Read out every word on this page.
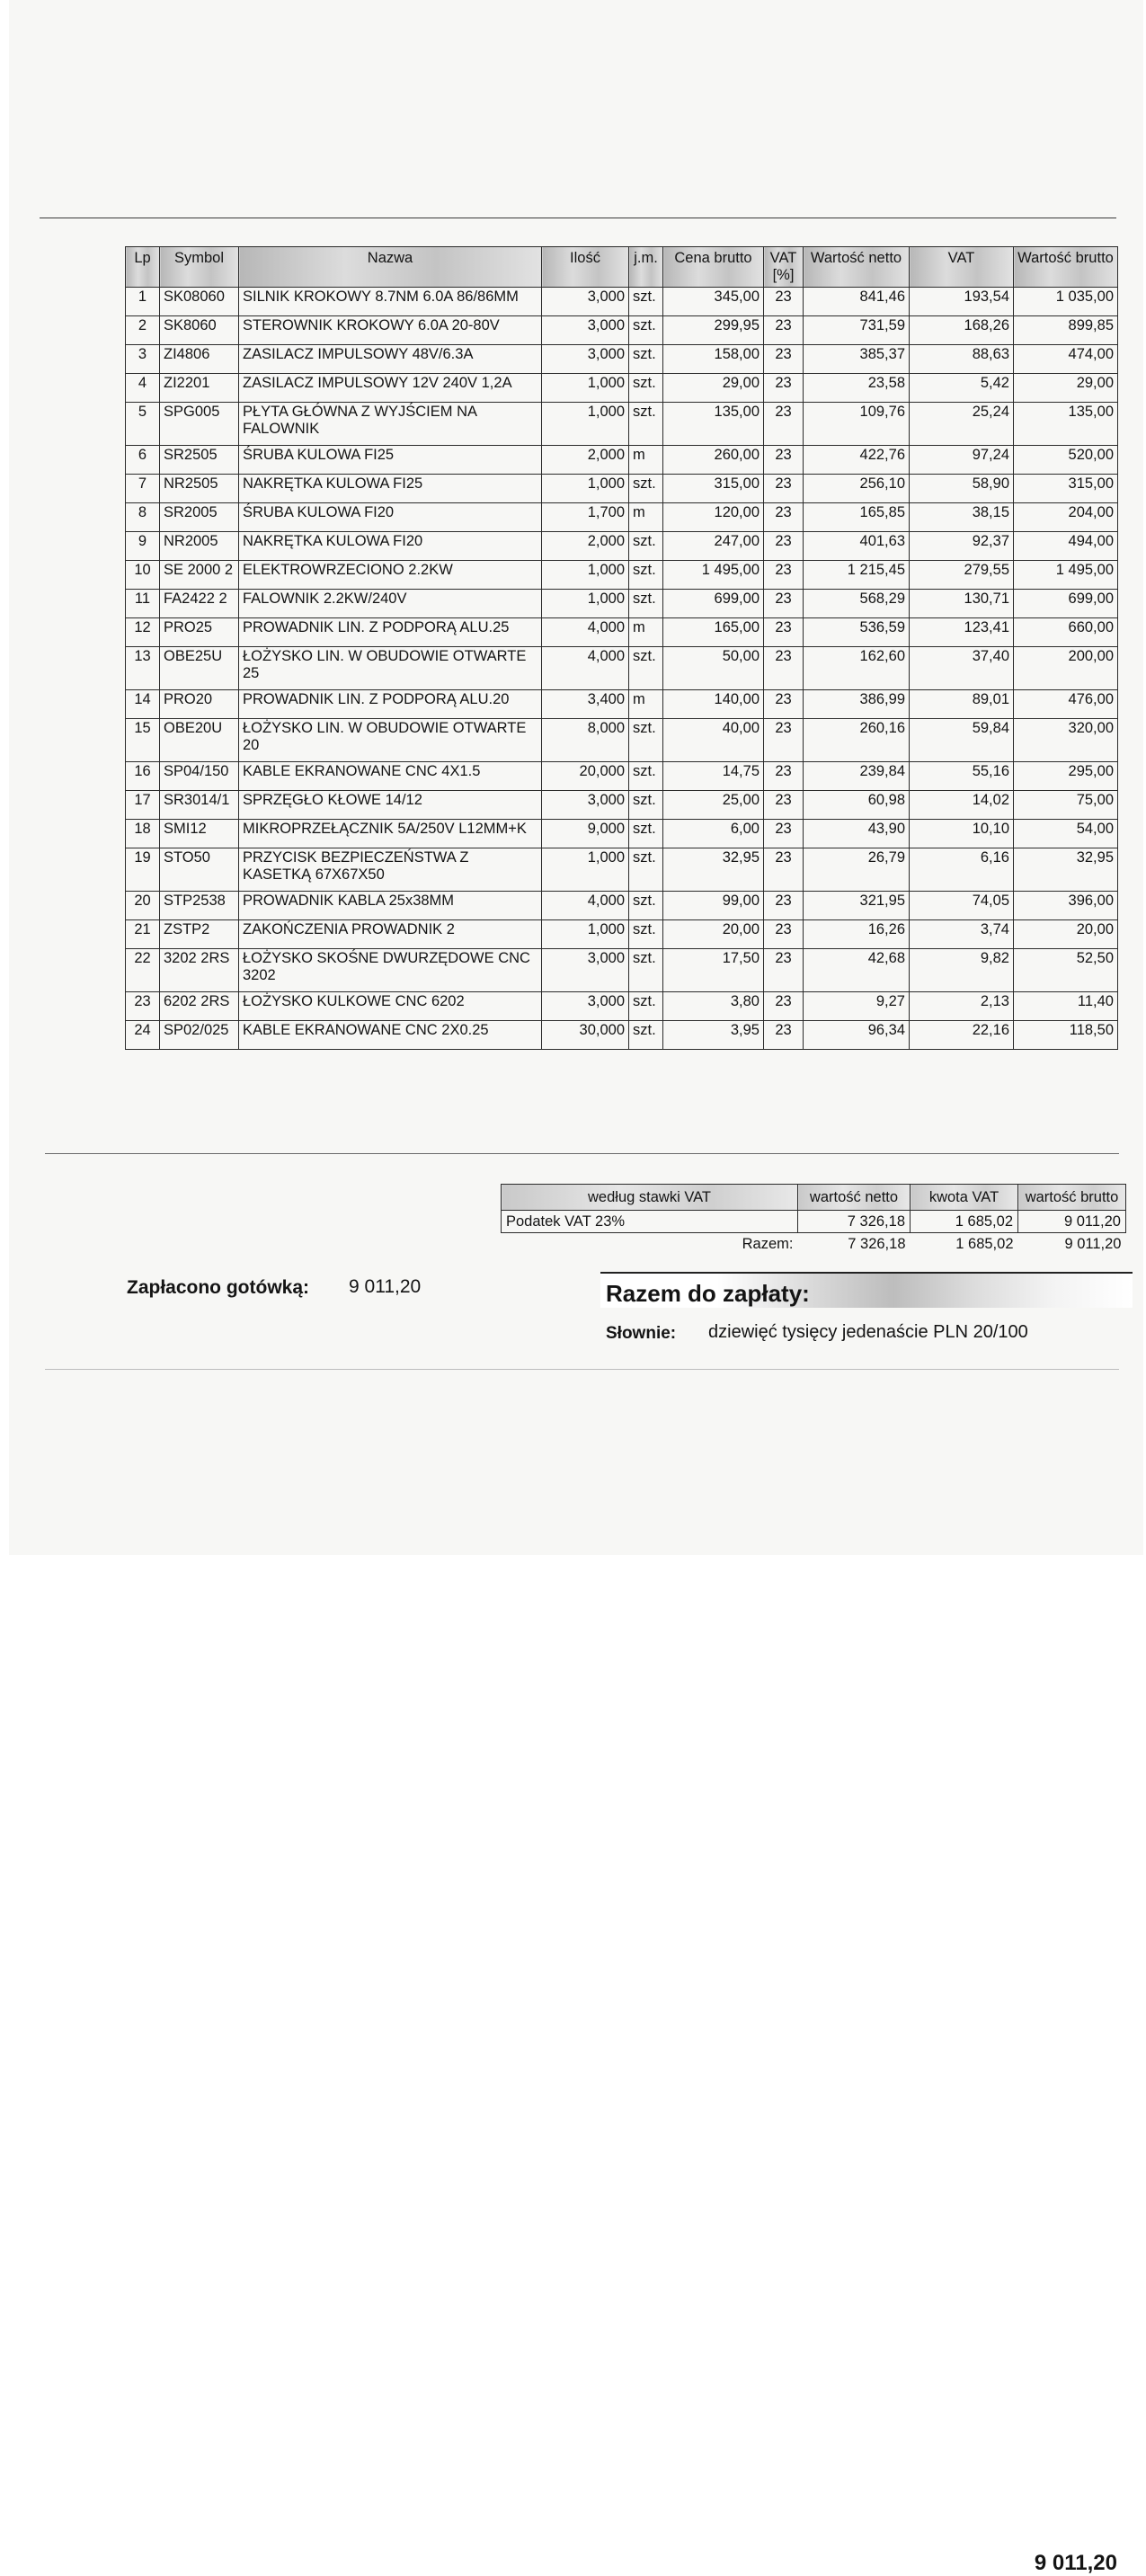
Lp	Symbol	Nazwa	Ilość	j.m.	Cena brutto	VAT [%]	Wartość netto	VAT	Wartość brutto
1	SK08060	SILNIK KROKOWY 8.7NM 6.0A 86/86MM	3,000	szt.	345,00	23	841,46	193,54	1 035,00
2	SK8060	STEROWNIK KROKOWY 6.0A 20-80V	3,000	szt.	299,95	23	731,59	168,26	899,85
3	ZI4806	ZASILACZ IMPULSOWY 48V/6.3A	3,000	szt.	158,00	23	385,37	88,63	474,00
4	ZI2201	ZASILACZ IMPULSOWY 12V 240V 1,2A	1,000	szt.	29,00	23	23,58	5,42	29,00
5	SPG005	PŁYTA GŁÓWNA Z WYJŚCIEM NA FALOWNIK	1,000	szt.	135,00	23	109,76	25,24	135,00
6	SR2505	ŚRUBA KULOWA FI25	2,000	m	260,00	23	422,76	97,24	520,00
7	NR2505	NAKRĘTKA KULOWA FI25	1,000	szt.	315,00	23	256,10	58,90	315,00
8	SR2005	ŚRUBA KULOWA FI20	1,700	m	120,00	23	165,85	38,15	204,00
9	NR2005	NAKRĘTKA KULOWA FI20	2,000	szt.	247,00	23	401,63	92,37	494,00
10	SE 2000 2	ELEKTROWRZECIONO 2.2KW	1,000	szt.	1 495,00	23	1 215,45	279,55	1 495,00
11	FA2422 2	FALOWNIK 2.2KW/240V	1,000	szt.	699,00	23	568,29	130,71	699,00
12	PRO25	PROWADNIK LIN. Z PODPORĄ ALU.25	4,000	m	165,00	23	536,59	123,41	660,00
13	OBE25U	ŁOŻYSKO LIN. W OBUDOWIE OTWARTE 25	4,000	szt.	50,00	23	162,60	37,40	200,00
14	PRO20	PROWADNIK LIN. Z PODPORĄ ALU.20	3,400	m	140,00	23	386,99	89,01	476,00
15	OBE20U	ŁOŻYSKO LIN. W OBUDOWIE OTWARTE 20	8,000	szt.	40,00	23	260,16	59,84	320,00
16	SP04/150	KABLE EKRANOWANE CNC 4X1.5	20,000	szt.	14,75	23	239,84	55,16	295,00
17	SR3014/1	SPRZĘGŁO KŁOWE 14/12	3,000	szt.	25,00	23	60,98	14,02	75,00
18	SMI12	MIKROPRZEŁĄCZNIK 5A/250V L12MM+K	9,000	szt.	6,00	23	43,90	10,10	54,00
19	STO50	PRZYCISK BEZPIECZEŃSTWA Z KASETKĄ 67X67X50	1,000	szt.	32,95	23	26,79	6,16	32,95
20	STP2538	PROWADNIK KABLA 25x38MM	4,000	szt.	99,00	23	321,95	74,05	396,00
21	ZSTP2	ZAKOŃCZENIA PROWADNIK 2	1,000	szt.	20,00	23	16,26	3,74	20,00
22	3202 2RS	ŁOŻYSKO SKOŚNE DWURZĘDOWE CNC 3202	3,000	szt.	17,50	23	42,68	9,82	52,50
23	6202 2RS	ŁOŻYSKO KULKOWE CNC 6202	3,000	szt.	3,80	23	9,27	2,13	11,40
24	SP02/025	KABLE EKRANOWANE CNC 2X0.25	30,000	szt.	3,95	23	96,34	22,16	118,50
według stawki VAT	wartość netto	kwota VAT	wartość brutto
Podatek VAT 23%	7 326,18	1 685,02	9 011,20
Razem:	7 326,18	1 685,02	9 011,20
Zapłacono gotówką: 9 011,20
9 011,20
Razem do zapłaty:
Słownie: dziewięć tysięcy jedenaście PLN 20/100
